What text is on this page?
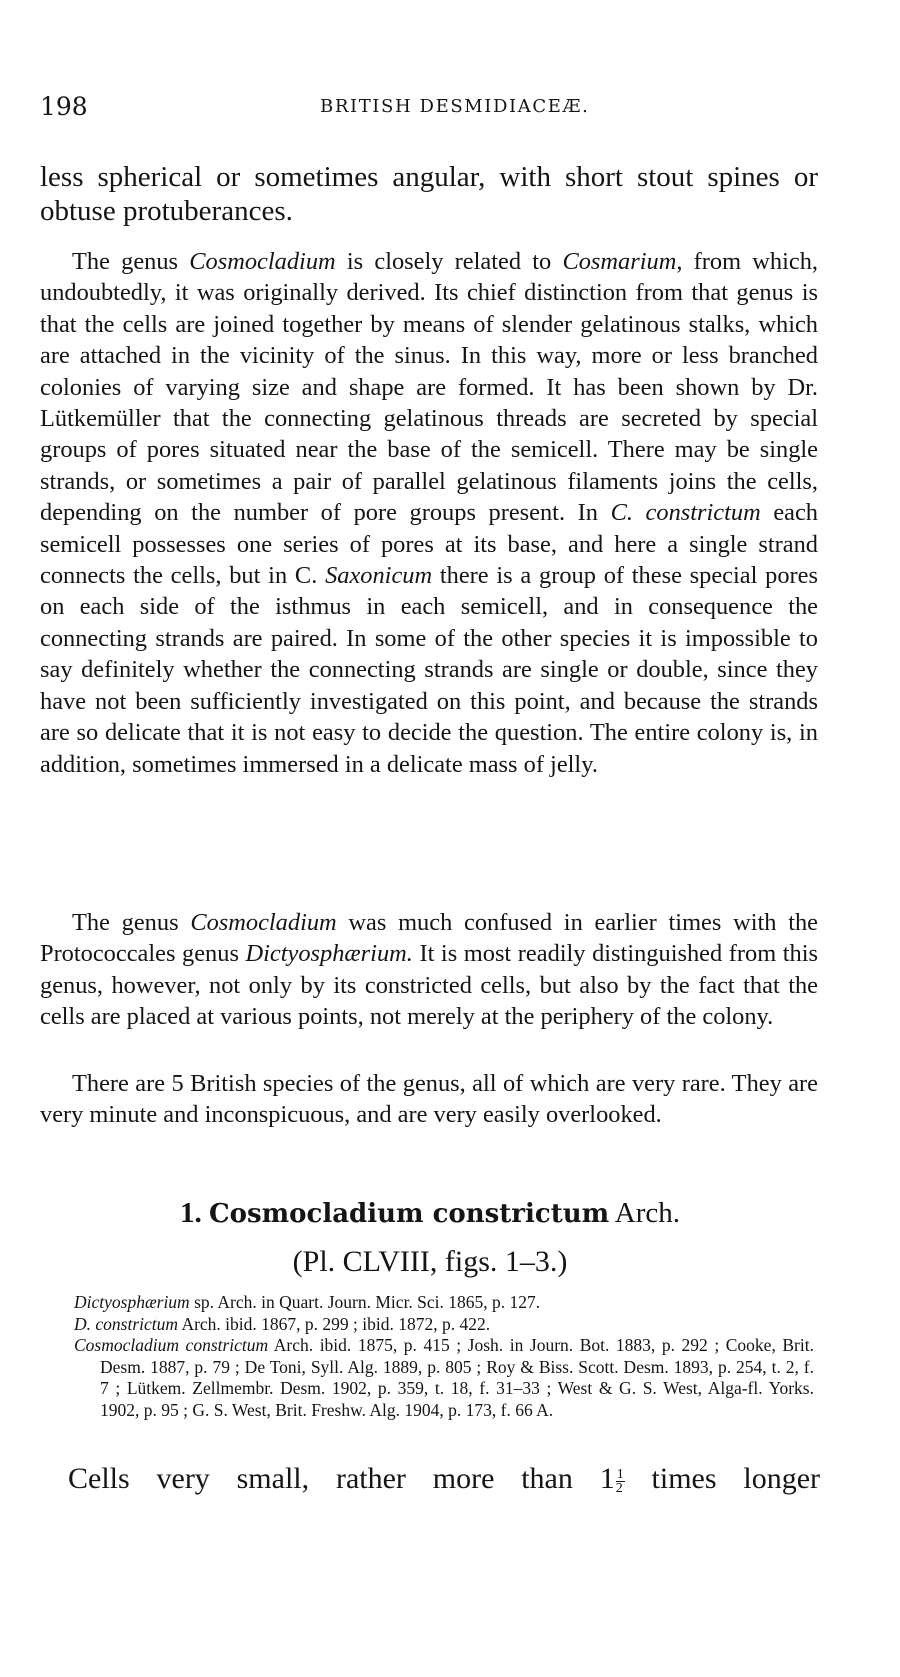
198	BRITISH DESMIDIACEÆ.

less spherical or sometimes angular, with short stout spines or obtuse protuberances.

The genus Cosmocladium is closely related to Cosmarium, from which, undoubtedly, it was originally derived. Its chief distinction from that genus is that the cells are joined together by means of slender gelatinous stalks, which are attached in the vicinity of the sinus. In this way, more or less branched colonies of varying size and shape are formed. It has been shown by Dr. Lütkemüller that the connecting gelatinous threads are secreted by special groups of pores situated near the base of the semicell. There may be single strands, or sometimes a pair of parallel gelatinous filaments joins the cells, depending on the number of pore groups present. In C. constrictum each semicell possesses one series of pores at its base, and here a single strand connects the cells, but in C. Saxonicum there is a group of these special pores on each side of the isthmus in each semicell, and in consequence the connecting strands are paired. In some of the other species it is impossible to say definitely whether the connecting strands are single or double, since they have not been sufficiently investigated on this point, and because the strands are so delicate that it is not easy to decide the question. The entire colony is, in addition, sometimes immersed in a delicate mass of jelly.

The genus Cosmocladium was much confused in earlier times with the Protococcales genus Dictyosphærium. It is most readily distinguished from this genus, however, not only by its constricted cells, but also by the fact that the cells are placed at various points, not merely at the periphery of the colony.

There are 5 British species of the genus, all of which are very rare. They are very minute and inconspicuous, and are very easily overlooked.

1. Cosmocladium constrictum Arch.
(Pl. CLVIII, figs. 1–3.)
Dictyosphærium sp. Arch. in Quart. Journ. Micr. Sci. 1865, p. 127.
D. constrictum Arch. ibid. 1867, p. 299 ; ibid. 1872, p. 422.
Cosmocladium constrictum Arch. ibid. 1875, p. 415 ; Josh. in Journ. Bot. 1883, p. 292 ; Cooke, Brit. Desm. 1887, p. 79 ; De Toni, Syll. Alg. 1889, p. 805 ; Roy & Biss. Scott. Desm. 1893, p. 254, t. 2, f. 7 ; Lütkem. Zellmembr. Desm. 1902, p. 359, t. 18, f. 31–33 ; West & G. S. West, Alga-fl. Yorks. 1902, p. 95 ; G. S. West, Brit. Freshw. Alg. 1904, p. 173, f. 66 A.
Cells very small, rather more than $1 \frac{1}{2}$ times longer
